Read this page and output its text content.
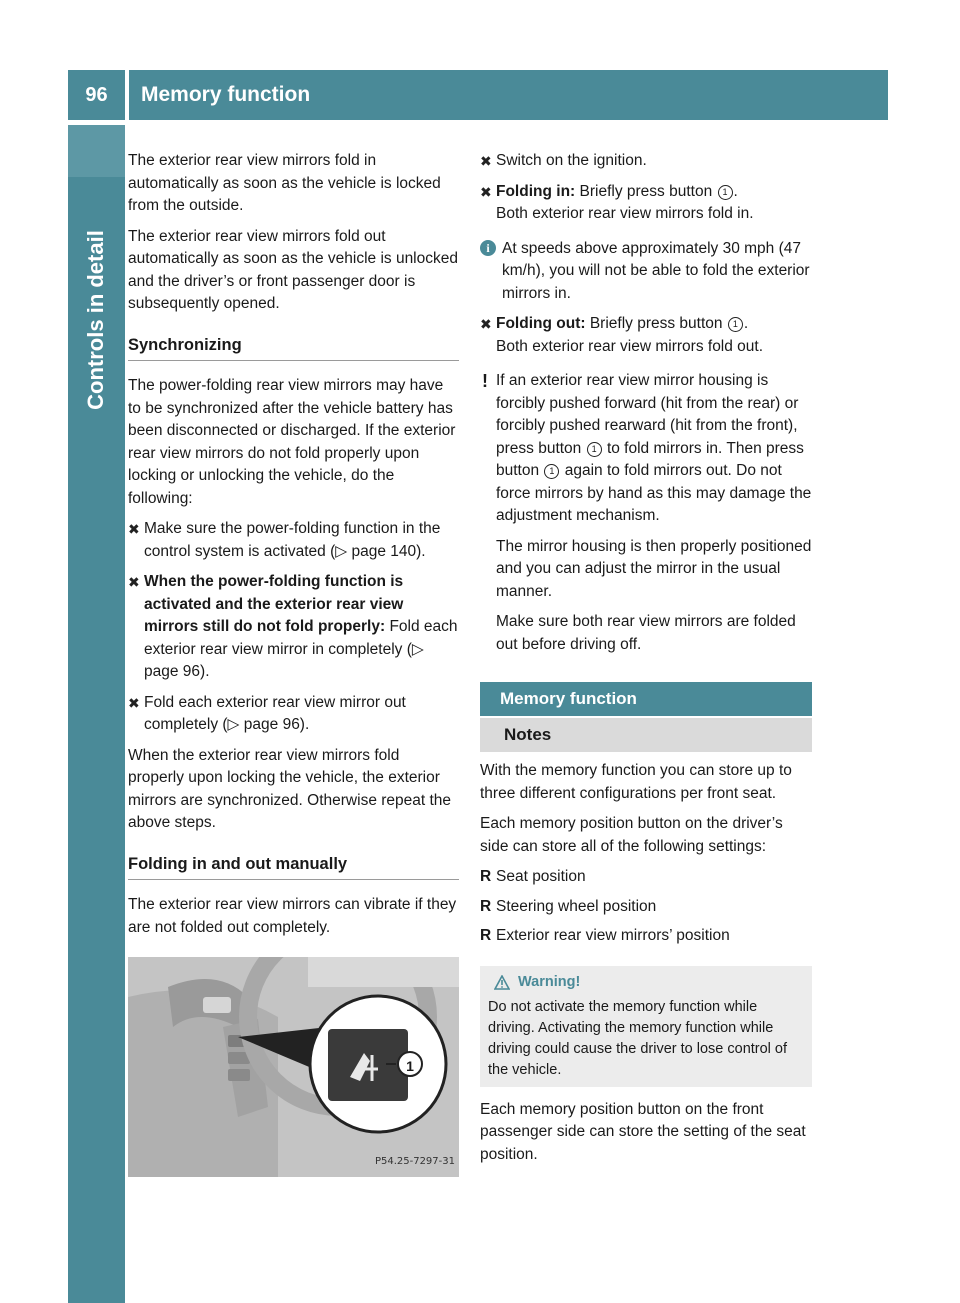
96	Memory function
Controls in detail

The exterior rear view mirrors fold in automatically as soon as the vehicle is locked from the outside.

The exterior rear view mirrors fold out automatically as soon as the vehicle is unlocked and the driver’s or front passenger door is subsequently opened.

Synchronizing

The power-folding rear view mirrors may have to be synchronized after the vehicle battery has been disconnected or discharged. If the exterior rear view mirrors do not fold properly upon locking or unlocking the vehicle, do the following:

✖ Make sure the power-folding function in the control system is activated (▷ page 140).
✖ When the power-folding function is activated and the exterior rear view mirrors still do not fold properly: Fold each exterior rear view mirror in completely (▷ page 96).
✖ Fold each exterior rear view mirror out completely (▷ page 96).

When the exterior rear view mirrors fold properly upon locking the vehicle, the exterior mirrors are synchronized. Otherwise repeat the above steps.

Folding in and out manually

The exterior rear view mirrors can vibrate if they are not folded out completely.

1
P54.25-7297-31
✖ Switch on the ignition.
✖ Folding in: Briefly press button 1 .
Both exterior rear view mirrors fold in.
i At speeds above approximately 30 mph (47 km/h), you will not be able to fold the exterior mirrors in.

✖ Folding out: Briefly press button 1 .
Both exterior rear view mirrors fold out.
! If an exterior rear view mirror housing is forcibly pushed forward (hit from the rear) or forcibly pushed rearward (hit from the front), press button 1 to fold mirrors in. Then press button 1 again to fold mirrors out. Do not force mirrors by hand as this may damage the adjustment mechanism.

The mirror housing is then properly positioned and you can adjust the mirror in the usual manner.

Make sure both rear view mirrors are folded out before driving off.

Memory function
Notes

With the memory function you can store up to three different configurations per front seat.

Each memory position button on the driver’s side can store all of the following settings:

R Seat position
R Steering wheel position
R Exterior rear view mirrors’ position
Warning!
Do not activate the memory function while driving. Activating the memory function while driving could cause the driver to lose control of the vehicle.

Each memory position button on the front passenger side can store the setting of the seat position.
